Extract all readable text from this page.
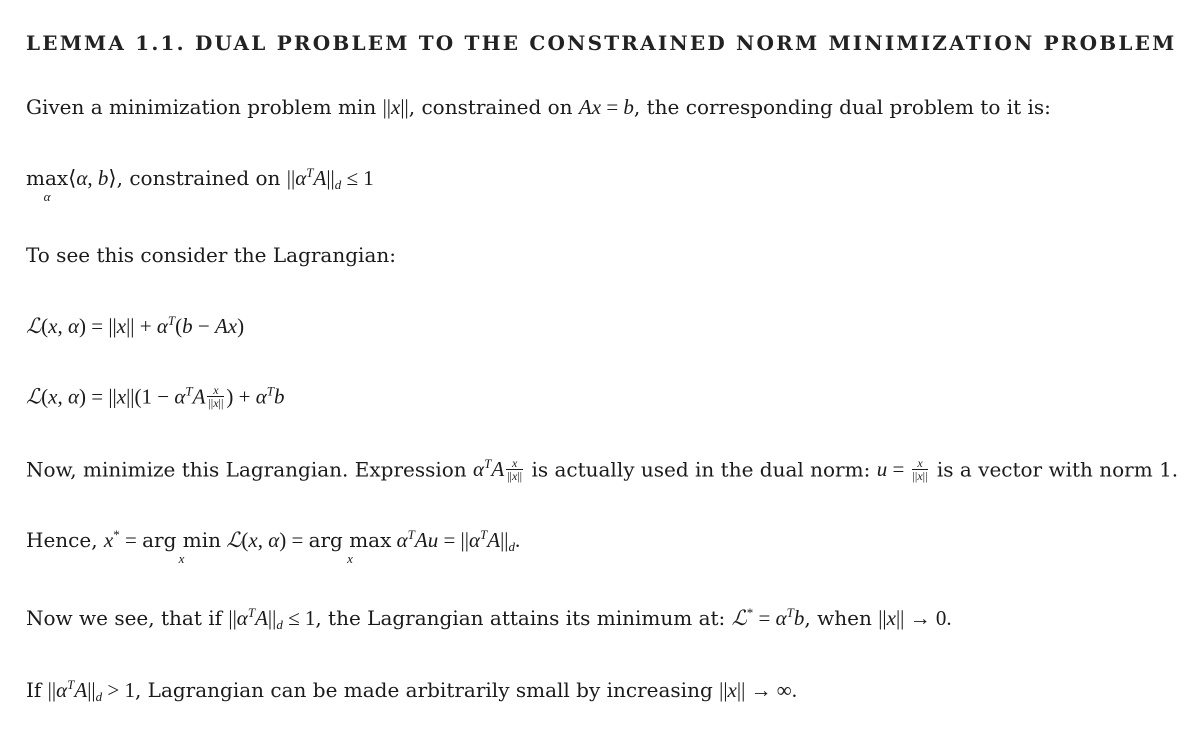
LEMMA 1.1. DUAL PROBLEM TO THE CONSTRAINED NORM MINIMIZATION PROBLEM
Given a minimization problem min ||x||, constrained on Ax = b, the corresponding dual problem to it is:
max
α
⟨α, b⟩, constrained on $||\alpha^TA||_d \le 1$
To see this consider the Lagrangian:
ℒ(x, $\alpha) = ||x|| + \alpha^T(b - Ax)$
ℒ(x, $\alpha) = ||x||(1 - \alpha^TA \frac{x}{||x||}$ ) + $\alpha^Tb$
Now, minimize this Lagrangian. Expression $\alpha^TA \frac{x}{||x||}$ is actually used in the dual norm: $u = \frac{x}{||x||}$ is a vector with norm 1.
Hence, x* = arg min
x
ℒ(x, α) = arg max
x
$\alpha^TAu = ||\alpha^TA||_d$.
Now we see, that if $||\alpha^TA||_d \le 1$, the Lagrangian attains its minimum at: ℒ* = $\alpha^Tb$, when ||x|| → 0.
If $||\alpha^TA||_d > 1$, Lagrangian can be made arbitrarily small by increasing ||x|| → ∞.
